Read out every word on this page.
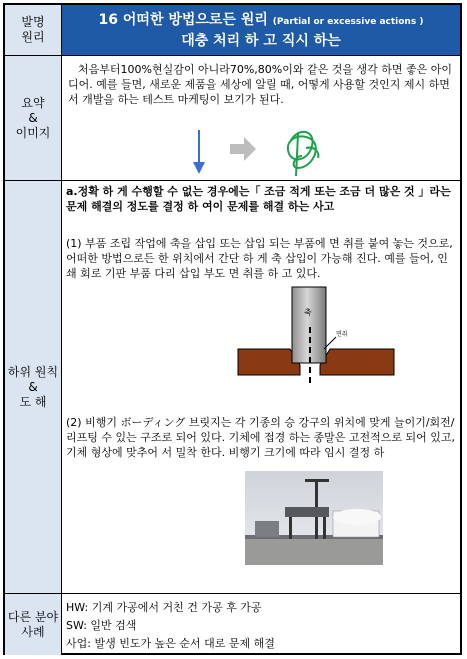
발명
원리
16 어떠한 방법으로든 원리 (Partial or excessive actions )
대충 처리 하 고 직시 하는
요약
&
이미지

처음부터100%현실감이 아니라70%,80%이와 같은 것을 생각 하면 좋은 아이디어. 예를 들면, 새로운 제품을 세상에 알릴 때, 어떻게 사용할 것인지 제시 하면서 개발을 하는 테스트 마케팅이 보기가 된다.

하위 원칙
&
도 해

a.정확 하 게 수행할 수 없는 경우에는「 조금 적게 또는 조금 더 많은 것 」라는 문제 해결의 정도를 결정 하 여이 문제를 해결 하는 사고

(1) 부품 조립 작업에 축을 삽입 또는 삽입 되는 부품에 면 취를 붙여 놓는 것으로, 어떠한 방법으로든 한 위치에서 간단 하 게 축 삽입이 가능해 진다. 예를 들어, 인쇄 회로 기판 부품 다리 삽입 부도 면 취를 하 고 있다.

축
면취

(2) 비행기 ボーディング 브릿지는 각 기종의 승 강구의 위치에 맞게 늘이기/회전/리프팅 수 있는 구조로 되어 있다. 기체에 접경 하는 종말은 고전적으로 되어 있고, 기체 형상에 맞추어 서 밀착 한다. 비행기 크기에 따라 임시 결정 하

다른 분야
사례

HW: 기계 가공에서 거친 건 가공 후 가공

SW: 일반 검색

사업: 발생 빈도가 높은 순서 대로 문제 해결
